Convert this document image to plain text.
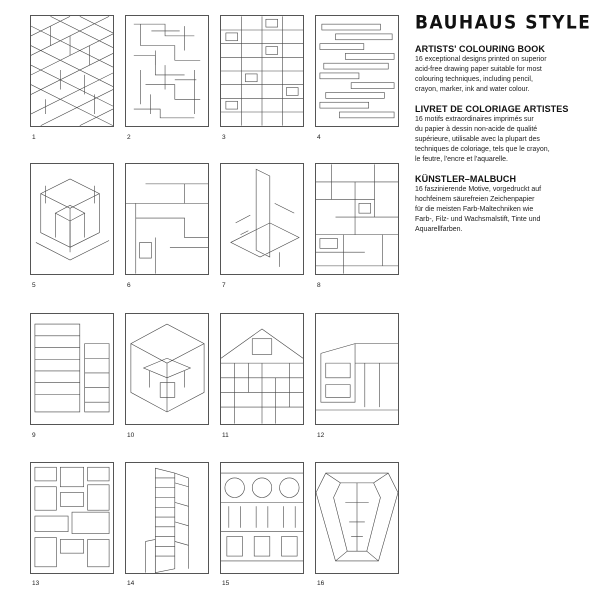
BAUHAUS STYLE
ARTISTS' COLOURING BOOK
16 exceptional designs printed on superior
acid-free drawing paper suitable for most
colouring techniques, including pencil,
crayon, marker, ink and water colour.
LIVRET DE COLORIAGE ARTISTES
16 motifs extraordinaires imprimés sur
du papier à dessin non-acide de qualité
supérieure, utilisable avec la plupart des
techniques de coloriage, tels que le crayon,
le feutre, l'encre et l'aquarelle.
KÜNSTLER–MALBUCH
16 faszinierende Motive, vorgedruckt auf
hochfeinem säurefreien Zeichenpapier
für die meisten Farb-Maltechniken wie
Farb-, Filz- und Wachsmalstift, Tinte und
Aquarellfarben.
1	2	3	4
5	6	7	8
9	10	11	12
13	14	15	16
